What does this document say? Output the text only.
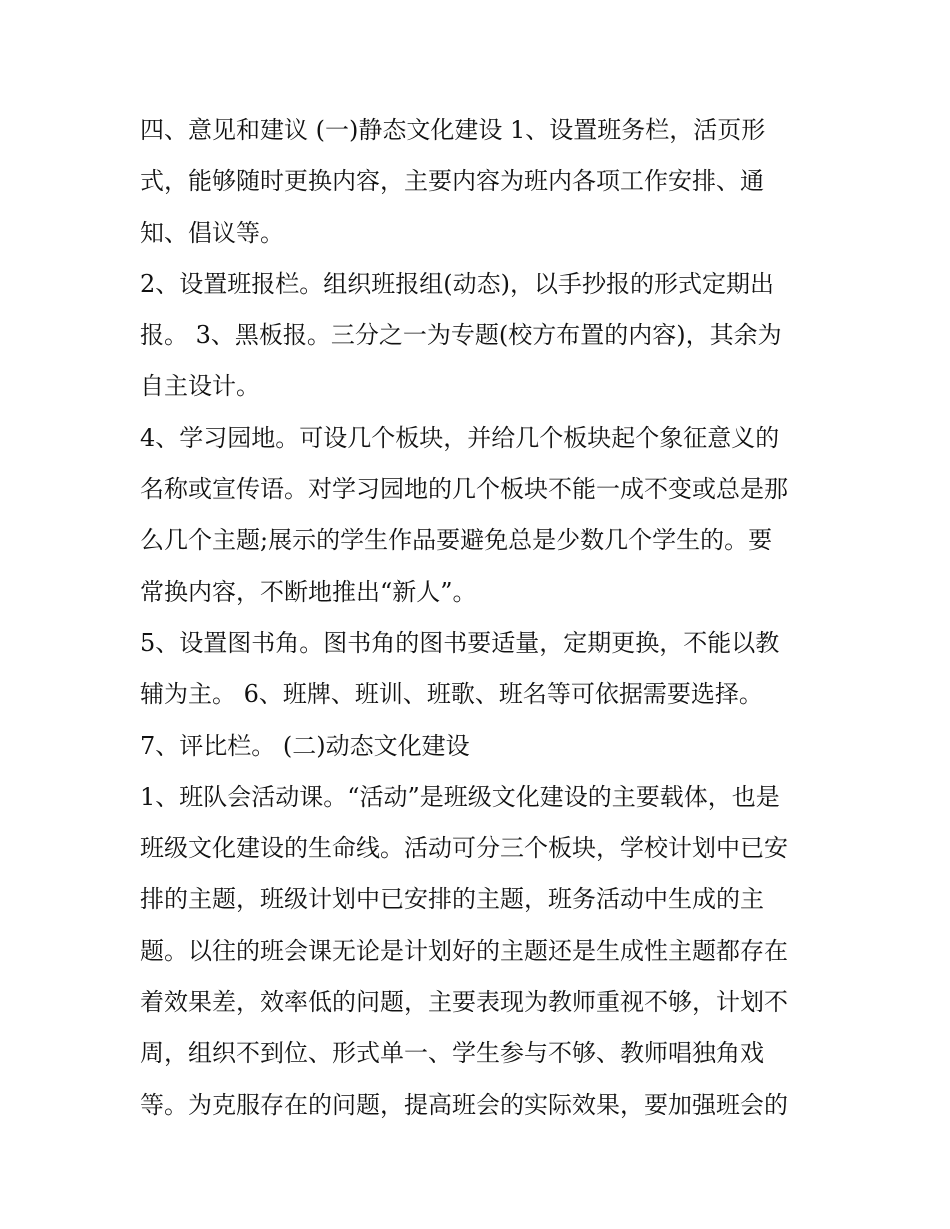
四、意见和建议 (一)静态文化建设 1、设置班务栏，活页形
式，能够随时更换内容，主要内容为班内各项工作安排、通
知、倡议等。
2、设置班报栏。组织班报组(动态)，以手抄报的形式定期出
报。 3、黑板报。三分之一为专题(校方布置的内容)，其余为
自主设计。
4、学习园地。可设几个板块，并给几个板块起个象征意义的
名称或宣传语。对学习园地的几个板块不能一成不变或总是那
么几个主题;展示的学生作品要避免总是少数几个学生的。要
常换内容，不断地推出“新人”。
5、设置图书角。图书角的图书要适量，定期更换，不能以教
辅为主。 6、班牌、班训、班歌、班名等可依据需要选择。
7、评比栏。 (二)动态文化建设
1、班队会活动课。“活动”是班级文化建设的主要载体，也是
班级文化建设的生命线。活动可分三个板块，学校计划中已安
排的主题，班级计划中已安排的主题，班务活动中生成的主
题。以往的班会课无论是计划好的主题还是生成性主题都存在
着效果差，效率低的问题，主要表现为教师重视不够，计划不
周，组织不到位、形式单一、学生参与不够、教师唱独角戏
等。为克服存在的问题，提高班会的实际效果，要加强班会的
